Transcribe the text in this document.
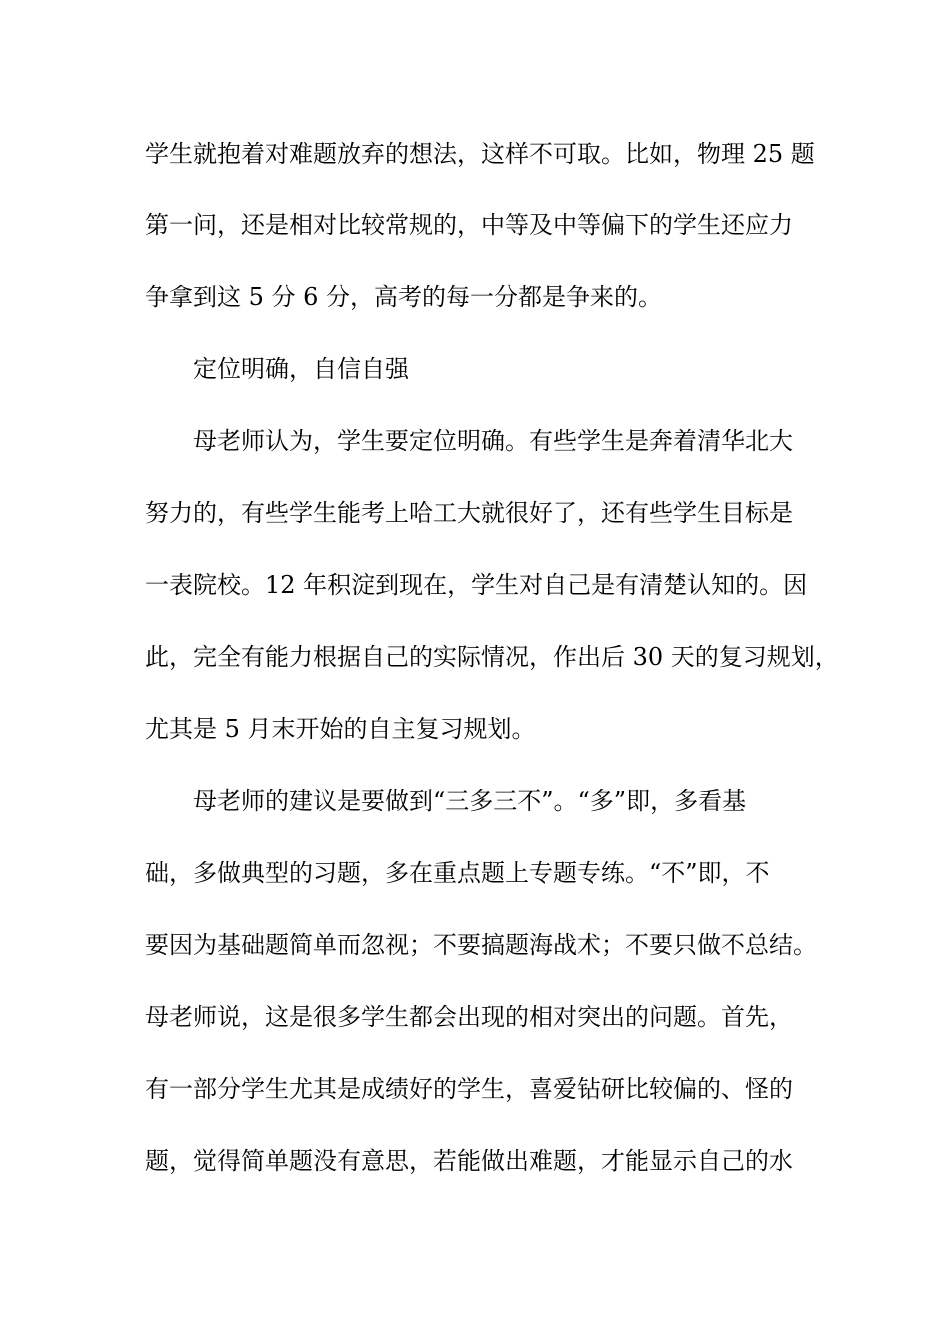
学生就抱着对难题放弃的想法，这样不可取。比如，物理 25 题
第一问，还是相对比较常规的，中等及中等偏下的学生还应力
争拿到这 5 分 6 分，高考的每一分都是争来的。
定位明确，自信自强
母老师认为，学生要定位明确。有些学生是奔着清华北大
努力的，有些学生能考上哈工大就很好了，还有些学生目标是
一表院校。12 年积淀到现在，学生对自己是有清楚认知的。因
此，完全有能力根据自己的实际情况，作出后 30 天的复习规划，
尤其是 5 月末开始的自主复习规划。
母老师的建议是要做到“三多三不”。“多”即，多看基
础，多做典型的习题，多在重点题上专题专练。“不”即，不
要因为基础题简单而忽视；不要搞题海战术；不要只做不总结。
母老师说，这是很多学生都会出现的相对突出的问题。首先，
有一部分学生尤其是成绩好的学生，喜爱钻研比较偏的、怪的
题，觉得简单题没有意思，若能做出难题，才能显示自己的水
